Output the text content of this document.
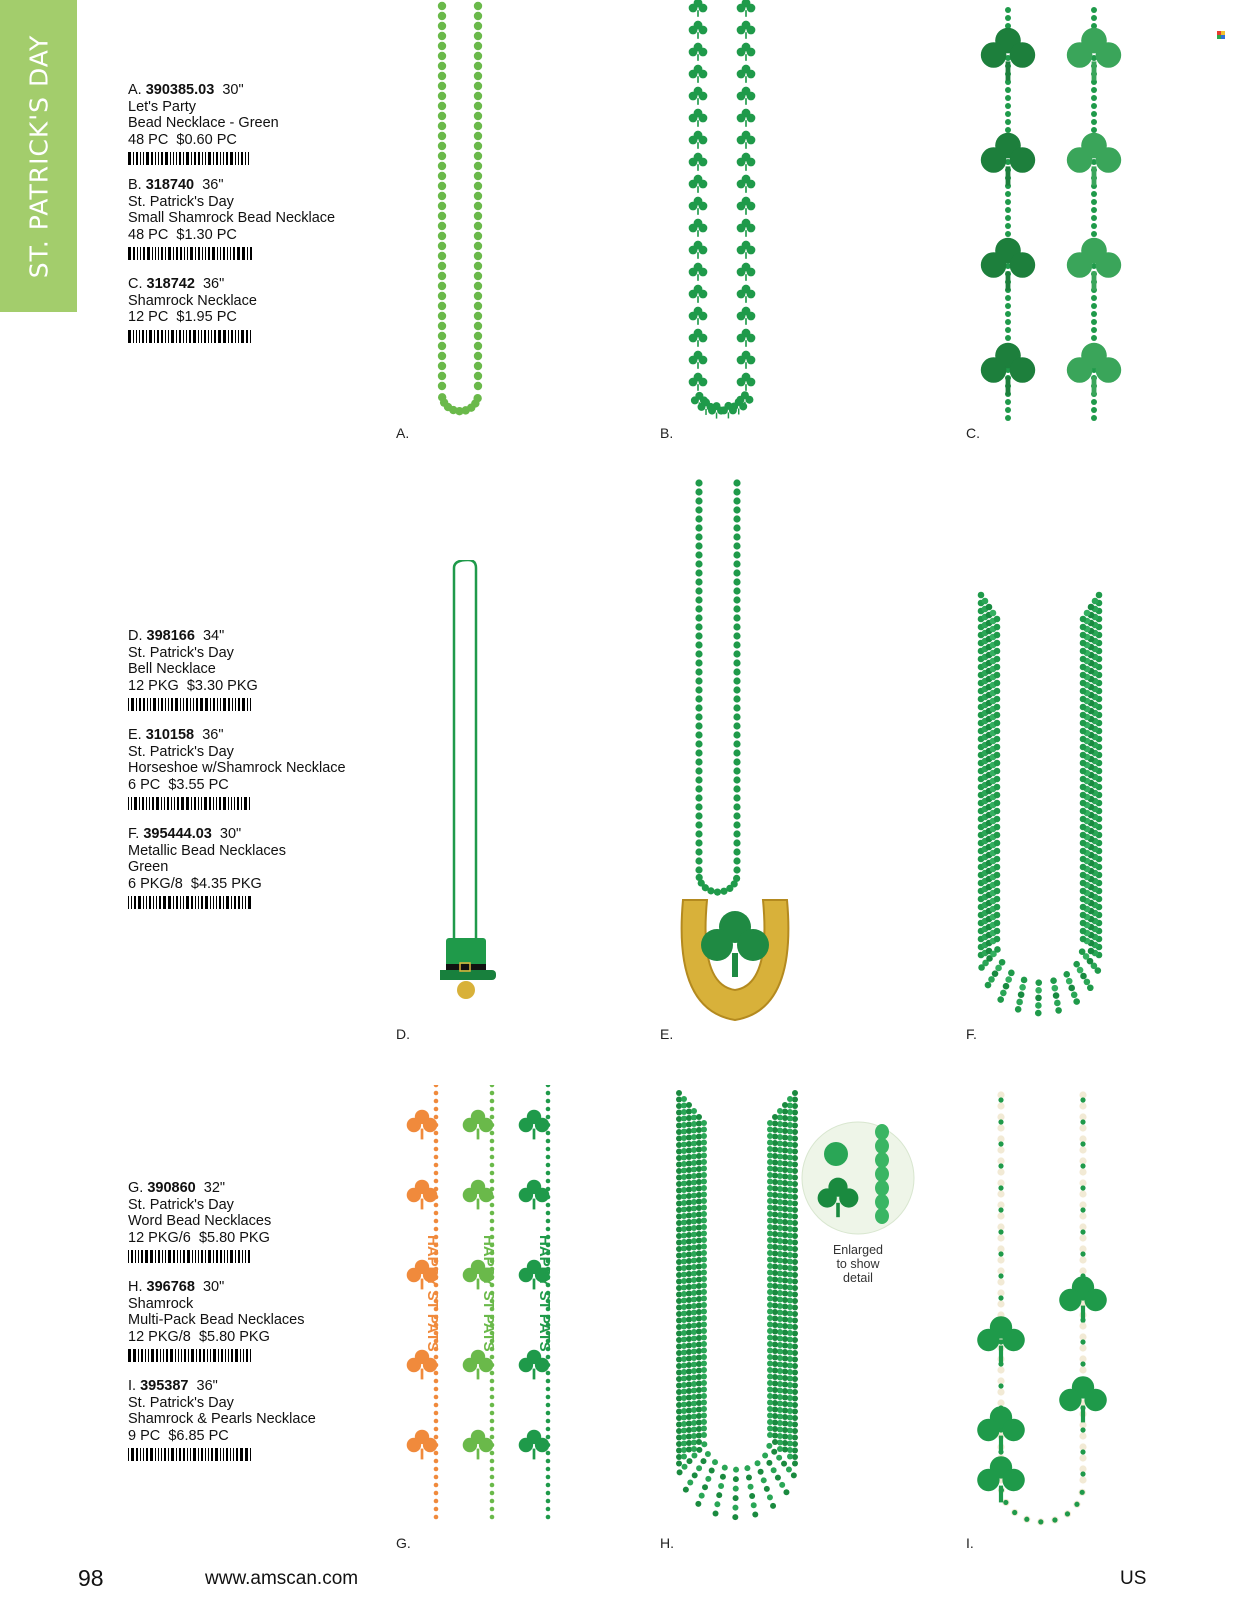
ST. PATRICK'S DAY	A. 390385.03 30"
Let's Party
Bead Necklace - Green
48 PC $0.60 PC
B. 318740 36"
St. Patrick's Day
Small Shamrock Bead Necklace
48 PC $1.30 PC
C. 318742 36"
Shamrock Necklace
12 PC $1.95 PC
D. 398166 34"
St. Patrick's Day
Bell Necklace
12 PKG $3.30 PKG
E. 310158 36"
St. Patrick's Day
Horseshoe w/Shamrock Necklace
6 PC $3.55 PC
F. 395444.03 30"
Metallic Bead Necklaces
Green
6 PKG/8 $4.35 PKG
G. 390860 32"
St. Patrick's Day
Word Bead Necklaces
12 PKG/6 $5.80 PKG
H. 396768 30"
Shamrock
Multi-Pack Bead Necklaces
12 PKG/8 $5.80 PKG
I. 395387 36"
St. Patrick's Day
Shamrock & Pearls Necklace
9 PC $6.85 PC
HAPPY ST PATS	HAPPY ST PATS	HAPPY ST PATS	Enlarged
to show
detail
A.	B.	C.
D.	E.	F.
G.	H.	I.
98	www.amscan.com	US
